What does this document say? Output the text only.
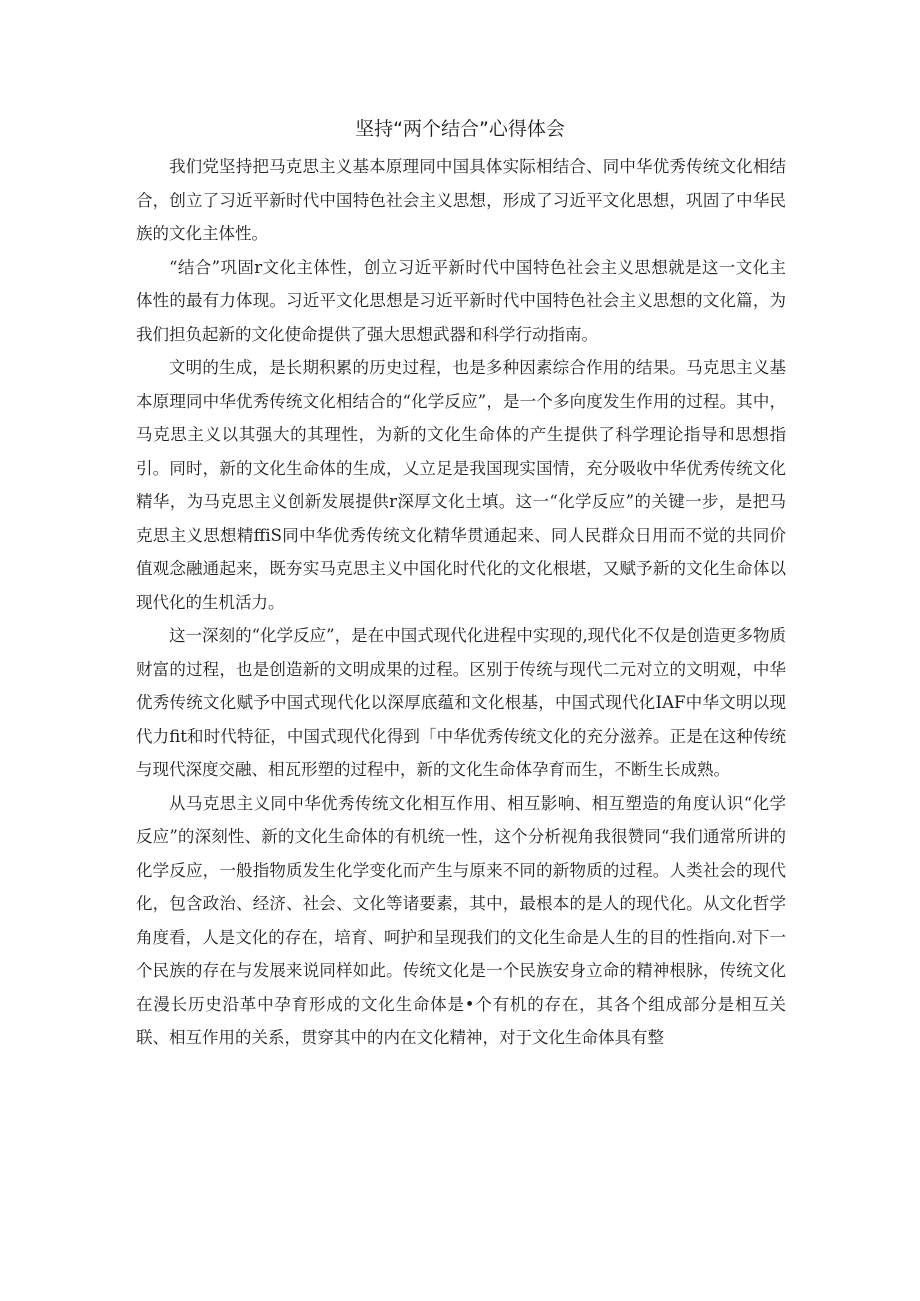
坚持“两个结合”心得体会

我们党坚持把马克思主义基本原理同中国具体实际相结合、同中华优秀传统文化相结合，创立了习近平新时代中国特色社会主义思想，形成了习近平文化思想，巩固了中华民族的文化主体性。

“结合”巩固r文化主体性，创立习近平新时代中国特色社会主义思想就是这一文化主体性的最有力体现。习近平文化思想是习近平新时代中国特色社会主义思想的文化篇，为我们担负起新的文化使命提供了强大思想武器和科学行动指南。

文明的生成，是长期积累的历史过程，也是多种因素综合作用的结果。马克思主义基本原理同中华优秀传统文化相结合的“化学反应”，是一个多向度发生作用的过程。其中，马克思主义以其强大的其理性，为新的文化生命体的产生提供了科学理论指导和思想指引。同时，新的文化生命体的生成，乂立足是我国现实国情，充分吸收中华优秀传统文化精华，为马克思主义创新发展提供r深厚文化土填。这一“化学反应”的关键一步，是把马克思主义思想精ffiS同中华优秀传统文化精华贯通起来、同人民群众日用而不觉的共同价值观念融通起来，既夯实马克思主义中国化时代化的文化根堪，又赋予新的文化生命体以现代化的生机活力。

这一深刻的“化学反应”，是在中国式现代化进程中实现的,现代化不仅是创造更多物质财富的过程，也是创造新的文明成果的过程。区别于传统与现代二元对立的文明观，中华优秀传统文化赋予中国式现代化以深厚底蕴和文化根基，中国式现代化IAF中华文明以现代力fit和时代特征，中国式现代化得到「中华优秀传统文化的充分滋养。正是在这种传统与现代深度交融、相瓦形塑的过程中，新的文化生命体孕育而生，不断生长成熟。

从马克思主义同中华优秀传统文化相互作用、相互影响、相互塑造的角度认识“化学反应”的深刻性、新的文化生命体的有机统一性，这个分析视角我很赞同“我们通常所讲的化学反应，一般指物质发生化学变化而产生与原来不同的新物质的过程。人类社会的现代化，包含政治、经济、社会、文化等诸要素，其中，最根本的是人的现代化。从文化哲学角度看，人是文化的存在，培育、呵护和呈现我们的文化生命是人生的目的性指向.对下一个民族的存在与发展来说同样如此。传统文化是一个民族安身立命的精神根脉，传统文化在漫长历史沿革中孕育形成的文化生命体是•个有机的存在，其各个组成部分是相互关联、相互作用的关系，贯穿其中的内在文化精神，对于文化生命体具有整
